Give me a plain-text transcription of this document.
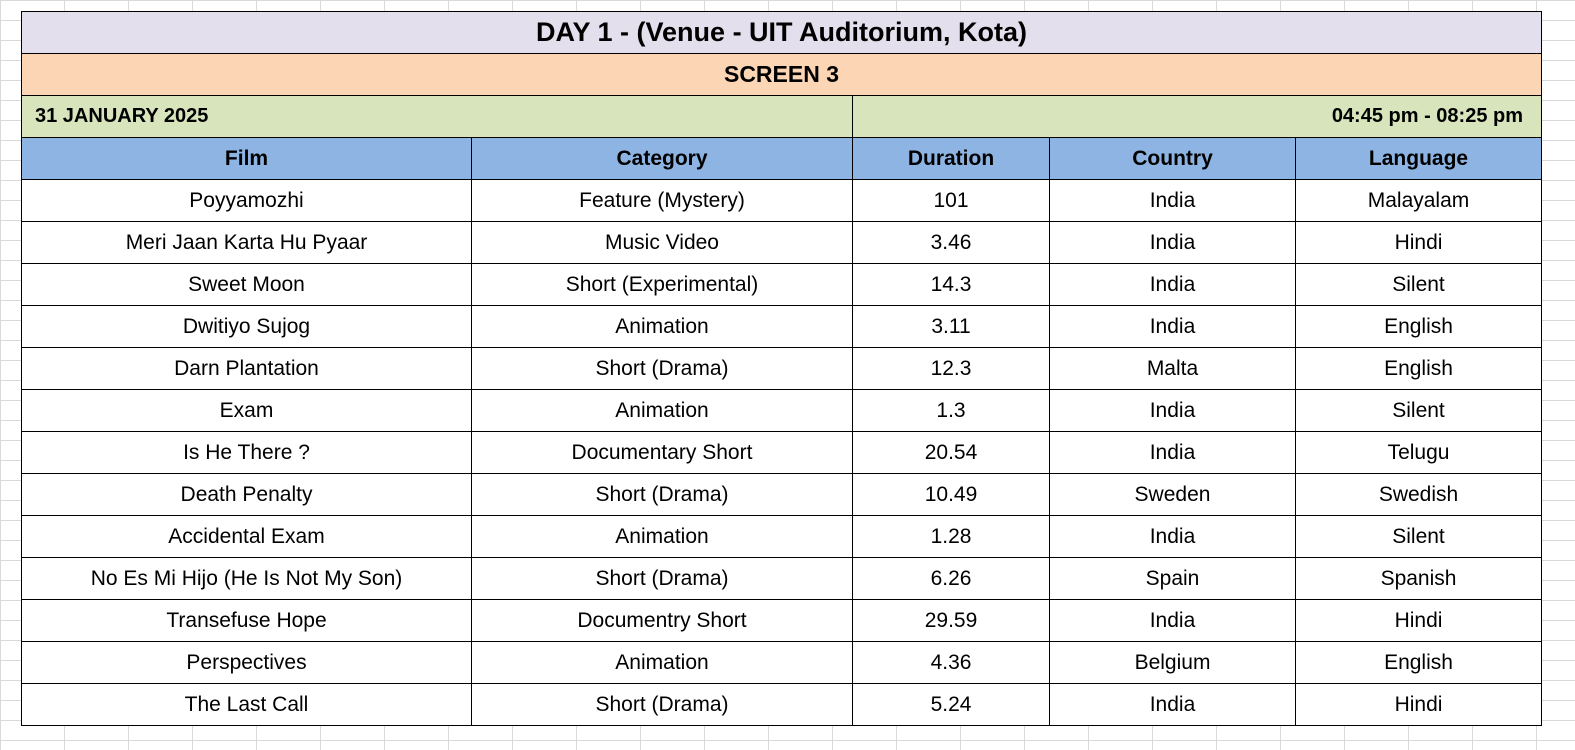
DAY 1 - (Venue - UIT Auditorium, Kota)				
SCREEN 3				
31 JANUARY 2025		04:45 pm - 08:25 pm		
Film	Category	Duration	Country	Language
Poyyamozhi	Feature (Mystery)	101	India	Malayalam
Meri Jaan Karta Hu Pyaar	Music Video	3.46	India	Hindi
Sweet Moon	Short (Experimental)	14.3	India	Silent
Dwitiyo Sujog	Animation	3.11	India	English
Darn Plantation	Short (Drama)	12.3	Malta	English
Exam	Animation	1.3	India	Silent
Is He There ?	Documentary Short	20.54	India	Telugu
Death Penalty	Short (Drama)	10.49	Sweden	Swedish
Accidental Exam	Animation	1.28	India	Silent
No Es Mi Hijo (He Is Not My Son)	Short (Drama)	6.26	Spain	Spanish
Transefuse Hope	Documentry Short	29.59	India	Hindi
Perspectives	Animation	4.36	Belgium	English
The Last Call	Short (Drama)	5.24	India	Hindi
